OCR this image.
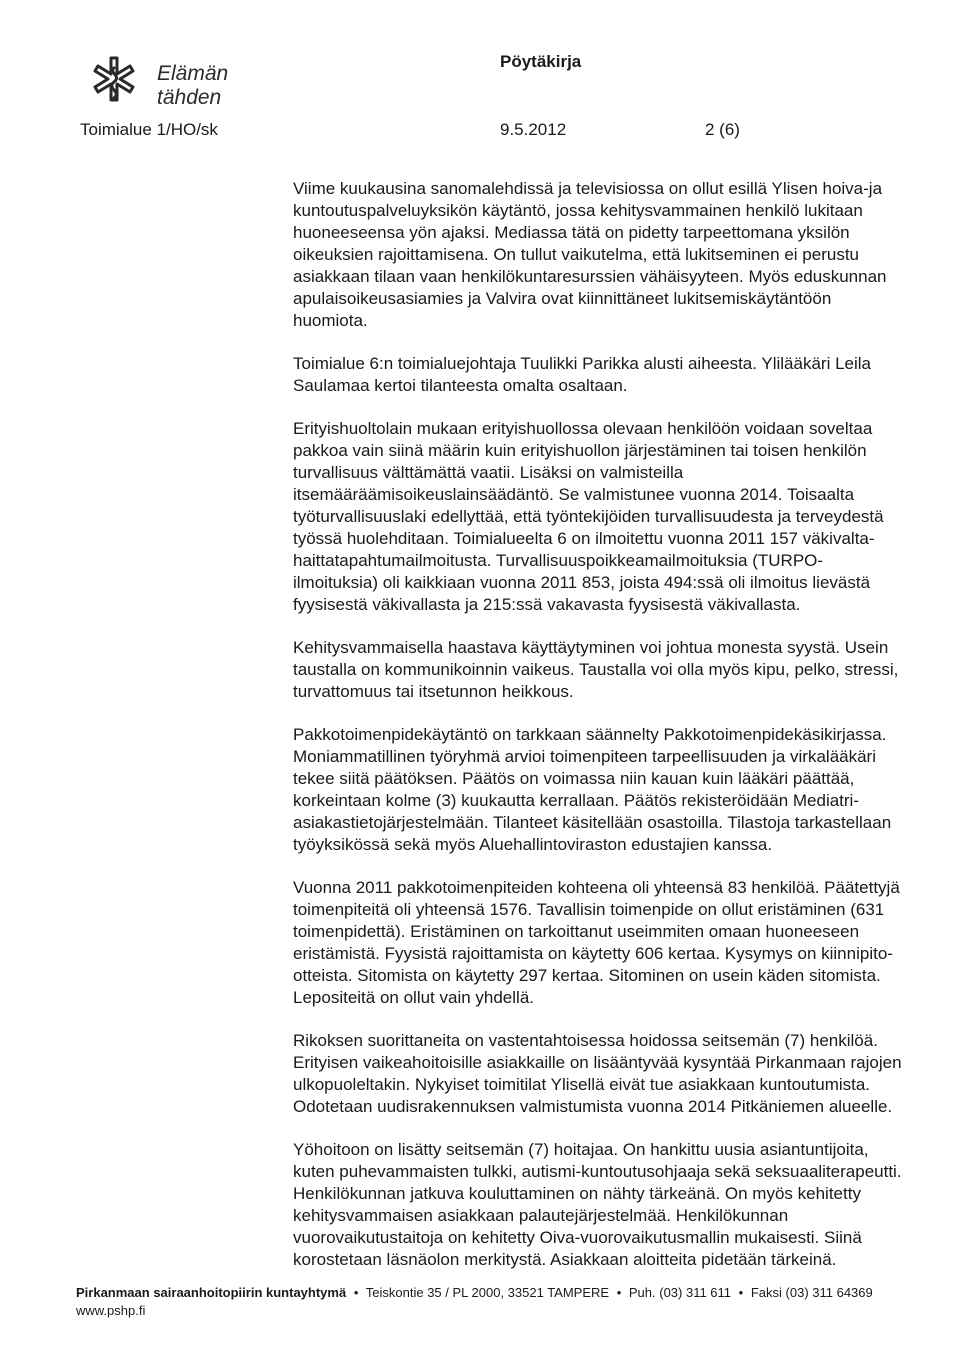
Elämän
tähden
Toimialue 1/HO/sk
Pöytäkirja
9.5.2012	2 (6)

Viime kuukausina sanomalehdissä ja televisiossa on ollut esillä Ylisen hoiva-ja kuntoutuspalveluyksikön käytäntö, jossa kehitysvammainen henkilö lukitaan huoneeseensa yön ajaksi. Mediassa tätä on pidetty tarpeettomana yksilön oikeuksien rajoittamisena. On tullut vaikutelma, että lukitseminen ei perustu asiakkaan tilaan vaan henkilökuntaresurssien vähäisyyteen. Myös eduskunnan apulaisoikeusasiamies ja Valvira ovat kiinnittäneet lukitsemiskäytäntöön huomiota.

Toimialue 6:n toimialuejohtaja Tuulikki Parikka alusti aiheesta. Ylilääkäri Leila Saulamaa kertoi tilanteesta omalta osaltaan.

Erityishuoltolain mukaan erityishuollossa olevaan henkilöön voidaan soveltaa pakkoa vain siinä määrin kuin erityishuollon järjestäminen tai toisen henkilön turvallisuus välttämättä vaatii. Lisäksi on valmisteilla itsemääräämisoikeuslainsäädäntö. Se valmistunee vuonna 2014. Toisaalta työturvallisuuslaki edellyttää, että työntekijöiden turvallisuudesta ja terveydestä työssä huolehditaan. Toimialueelta 6 on ilmoitettu vuonna 2011 157 väkivalta-haittatapahtumailmoitusta. Turvallisuuspoikkeamailmoituksia (TURPO-ilmoituksia) oli kaikkiaan vuonna 2011 853, joista 494:ssä oli ilmoitus lievästä fyysisestä väkivallasta ja 215:ssä vakavasta fyysisestä väkivallasta.

Kehitysvammaisella haastava käyttäytyminen voi johtua monesta syystä. Usein taustalla on kommunikoinnin vaikeus. Taustalla voi olla myös kipu, pelko, stressi, turvattomuus tai itsetunnon heikkous.

Pakkotoimenpidekäytäntö on tarkkaan säännelty Pakkotoimenpidekäsikirjassa. Moniammatillinen työryhmä arvioi toimenpiteen tarpeellisuuden ja virkalääkäri tekee siitä päätöksen. Päätös on voimassa niin kauan kuin lääkäri päättää, korkeintaan kolme (3) kuukautta kerrallaan. Päätös rekisteröidään Mediatri-asiakastietojärjestelmään. Tilanteet käsitellään osastoilla. Tilastoja tarkastellaan työyksikössä sekä myös Aluehallintoviraston edustajien kanssa.

Vuonna 2011 pakkotoimenpiteiden kohteena oli yhteensä 83 henkilöä. Päätettyjä toimenpiteitä oli yhteensä 1576. Tavallisin toimenpide on ollut eristäminen (631 toimenpidettä). Eristäminen on tarkoittanut useimmiten omaan huoneeseen eristämistä. Fyysistä rajoittamista on käytetty 606 kertaa. Kysymys on kiinnipito-otteista. Sitomista on käytetty 297 kertaa. Sitominen on usein käden sitomista. Lepositeitä on ollut vain yhdellä.

Rikoksen suorittaneita on vastentahtoisessa hoidossa seitsemän (7) henkilöä. Erityisen vaikeahoitoisille asiakkaille on lisääntyvää kysyntää Pirkanmaan rajojen ulkopuoleltakin. Nykyiset toimitilat Ylisellä eivät tue asiakkaan kuntoutumista. Odotetaan uudisrakennuksen valmistumista vuonna 2014 Pitkäniemen alueelle.

Yöhoitoon on lisätty seitsemän (7) hoitajaa. On hankittu uusia asiantuntijoita, kuten puhevammaisten tulkki, autismi-kuntoutusohjaaja sekä seksuaaliterapeutti. Henkilökunnan jatkuva kouluttaminen on nähty tärkeänä. On myös kehitetty kehitysvammaisen asiakkaan palautejärjestelmää. Henkilökunnan vuorovaikutustaitoja on kehitetty Oiva-vuorovaikutusmallin mukaisesti. Siinä korostetaan läsnäolon merkitystä. Asiakkaan aloitteita pidetään tärkeinä.

Pirkanmaan sairaanhoitopiirin kuntayhtymä • Teiskontie 35 / PL 2000, 33521 TAMPERE • Puh. (03) 311 611 • Faksi (03) 311 64369
www.pshp.fi
